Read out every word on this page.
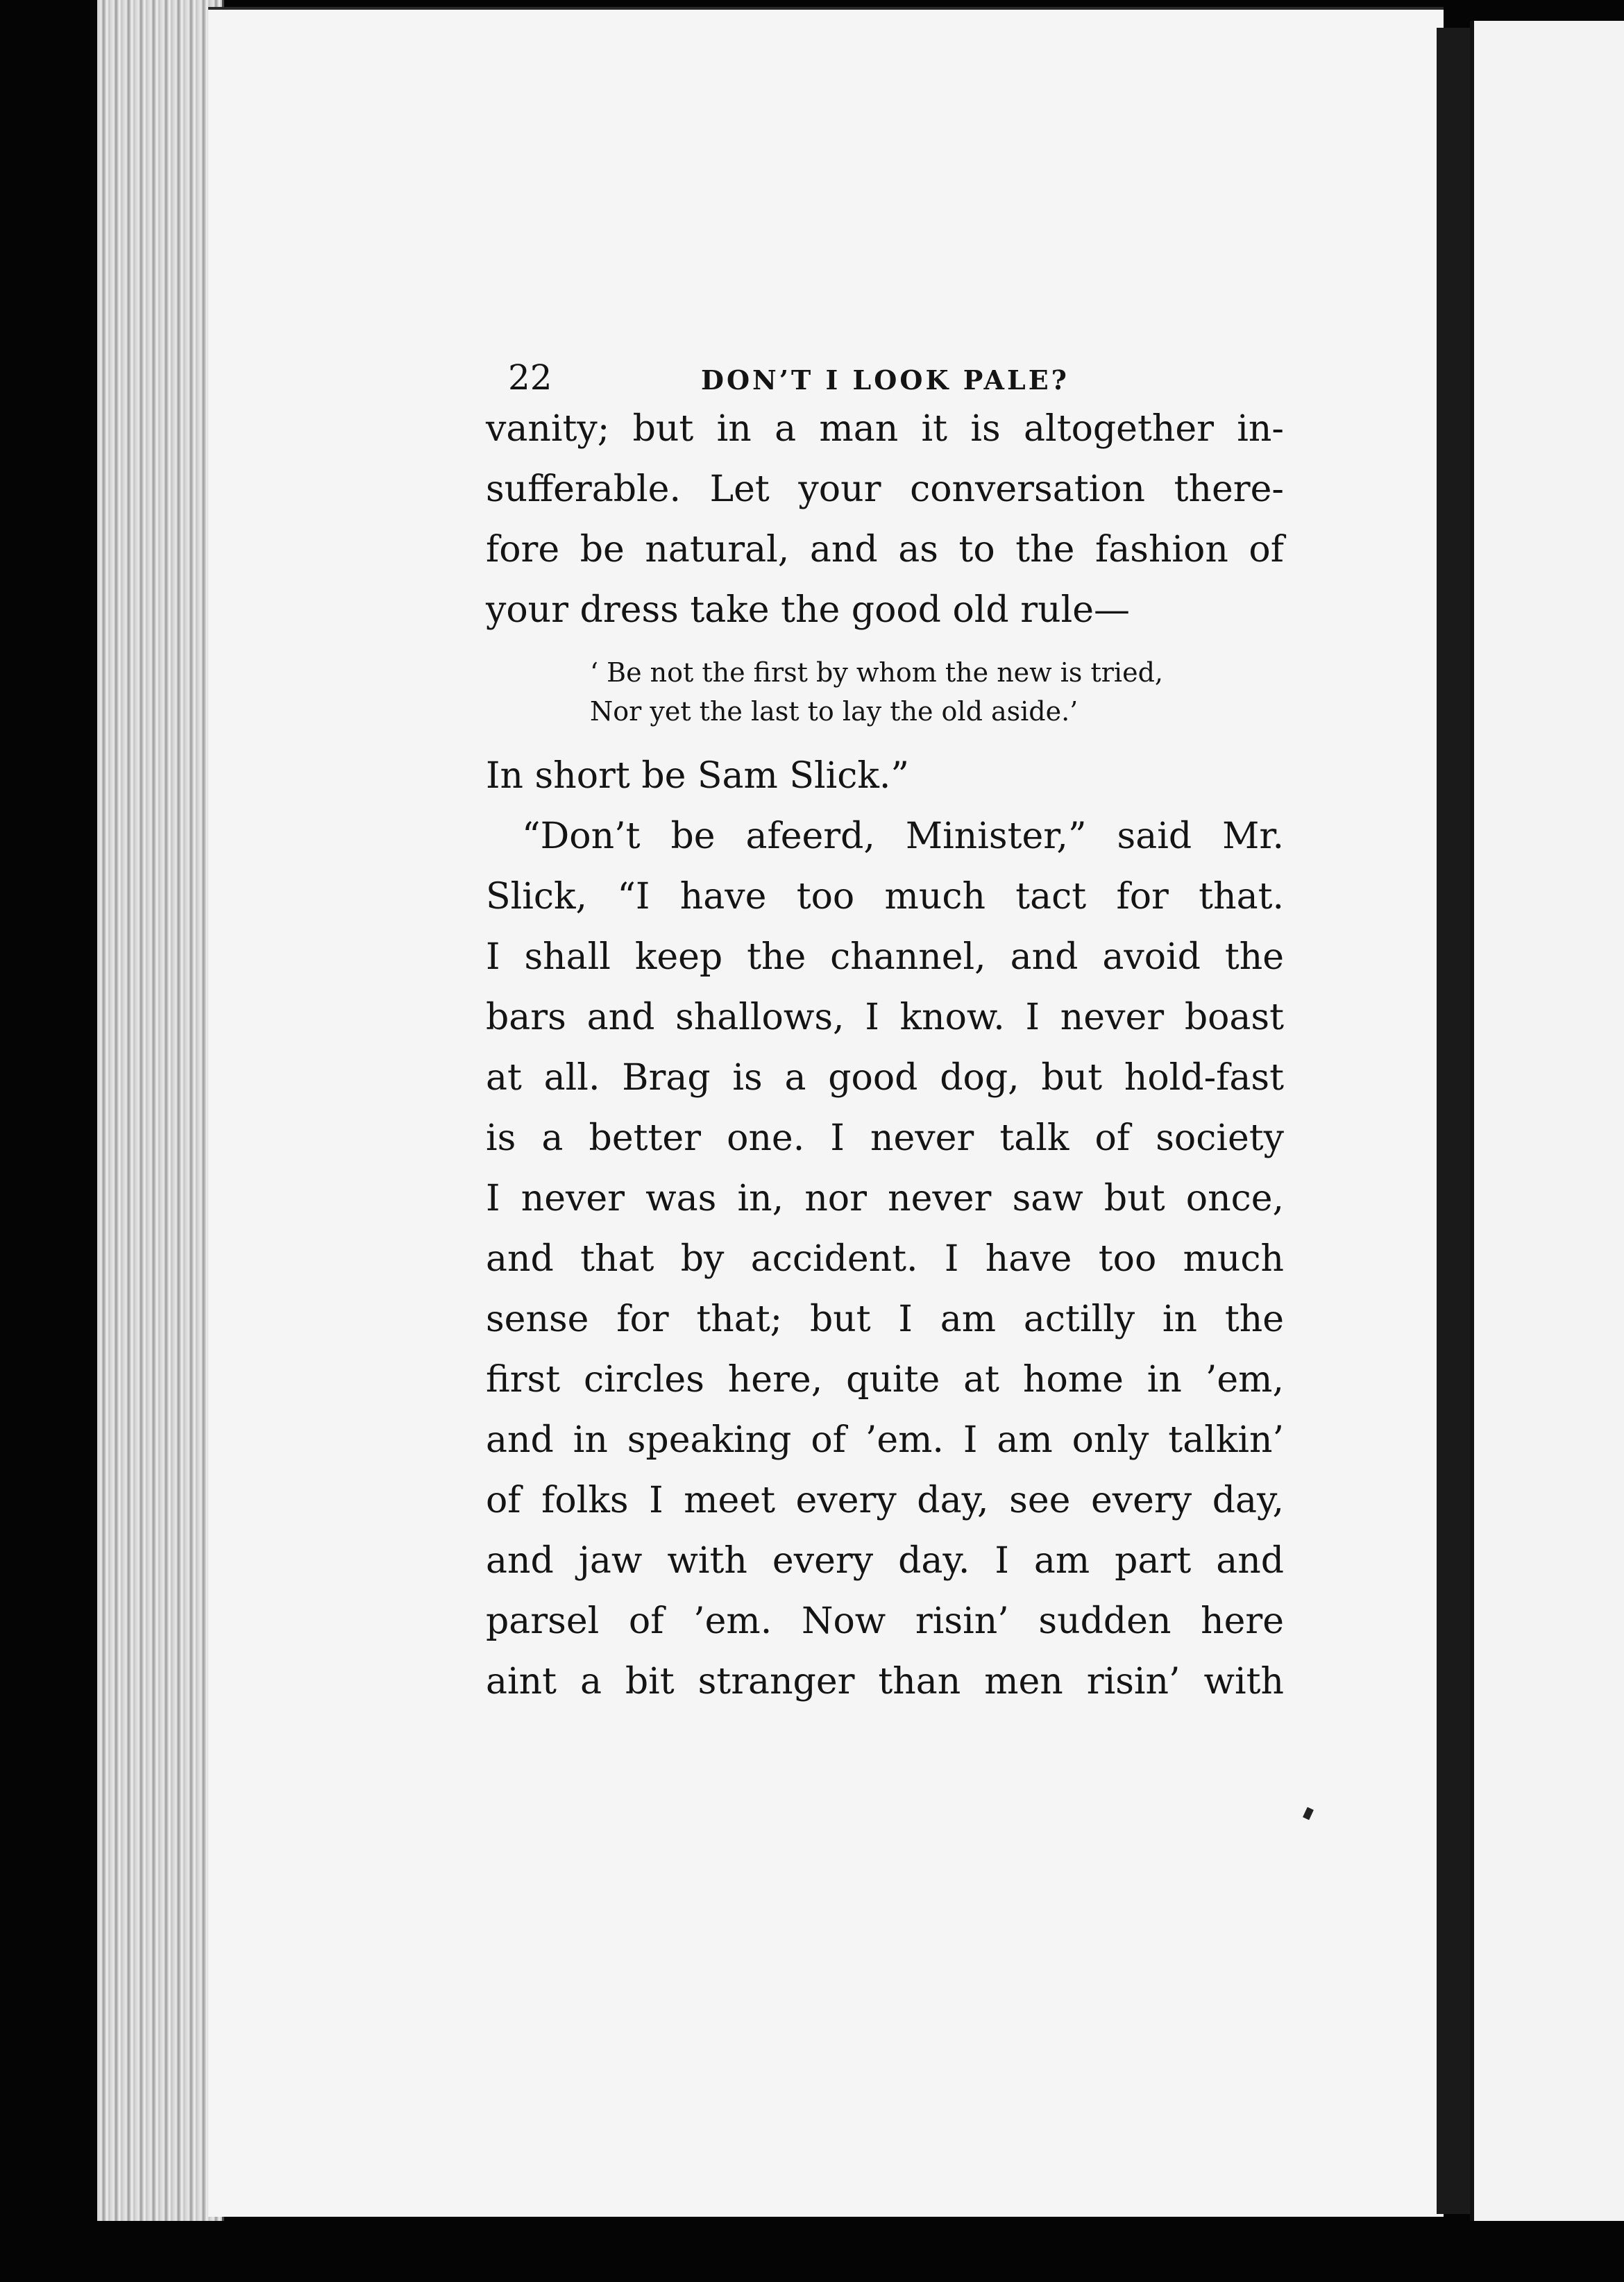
22	DON’T I LOOK PALE?
vanity; but in a man it is altogether in-
sufferable. Let your conversation there-
fore be natural, and as to the fashion of
your dress take the good old rule—
‘ Be not the first by whom the new is tried,
Nor yet the last to lay the old aside.’
In short be Sam Slick.”
“Don’t be afeerd, Minister,” said Mr.
Slick, “I have too much tact for that.
I shall keep the channel, and avoid the
bars and shallows, I know. I never boast
at all. Brag is a good dog, but hold-fast
is a better one. I never talk of society
I never was in, nor never saw but once,
and that by accident. I have too much
sense for that; but I am actilly in the
first circles here, quite at home in ’em,
and in speaking of ’em. I am only talkin’
of folks I meet every day, see every day,
and jaw with every day. I am part and
parsel of ’em. Now risin’ sudden here
aint a bit stranger than men risin’ with
